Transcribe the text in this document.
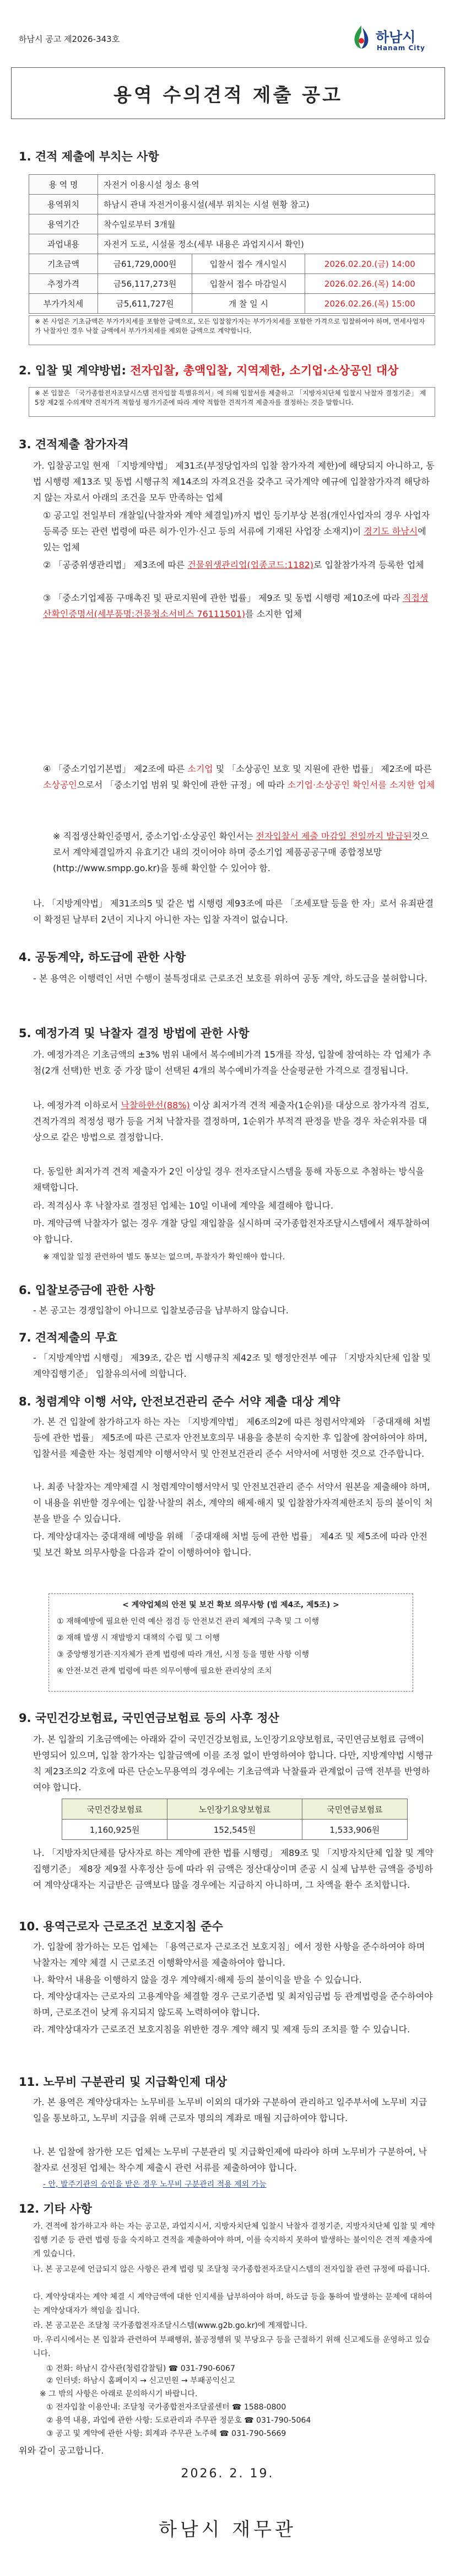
하남시 공고 제2026-343호	하남시
Hanam City
용역 수의견적 제출 공고
1. 견적 제출에 부치는 사항
용 역 명	자전거 이용시설 청소 용역		
용역위치	하남시 관내 자전거이용시설(세부 위치는 시설 현황 참고)		
용역기간	착수일로부터 3개월		
과업내용	자전거 도로, 시설물 정소(세부 내용은 과업지시서 확인)		
기초금액	금61,729,000원	입찰서 접수 개시일시	2026.02.20.(금) 14:00
추정가격	금56,117,273원	입찰서 접수 마감일시	2026.02.26.(목) 14:00
부가가치세	금5,611,727원	개 찰 일 시	2026.02.26.(목) 15:00
※ 본 사업은 기초금액은 부가가치세를 포함한 금액으로, 모든 입찰참가자는 부가가치세를 포함한 가격으로 입찰하여야 하며, 면세사업자가 낙찰자인 경우 낙찰 금액에서 부가가치세를 제외한 금액으로 계약합니다.
2. 입찰 및 계약방법: 전자입찰, 총액입찰, 지역제한, 소기업·소상공인 대상
※ 본 입찰은 「국가종합전자조달시스템 전자입찰 특별유의서」에 의해 입찰서를 제출하고 「지방자치단체 입찰시 낙찰자 결정기준」 제5장 제2절 수의계약 견적가격 적합성 평가기준에 따라 계약 적합한 견적가격 제출자를 결정하는 것을 말합니다.
3. 견적제출 참가자격
가. 입찰공고일 현재 「지방계약법」 제31조(부정당업자의 입찰 참가자격 제한)에 해당되지 아니하고, 동법 시행령 제13조 및 동법 시행규칙 제14조의 자격요건을 갖추고 국가계약 예규에 입찰참가자격 해당하지 않는 자로서 아래의 조건을 모두 만족하는 업체
① 공고일 전일부터 개찰일(낙찰자와 계약 체결일)까지 법인 등기부상 본점(개인사업자의 경우 사업자등록증 또는 관련 법령에 따른 허가·인가·신고 등의 서류에 기재된 사업장 소재지)이 경기도 하남시에 있는 업체
② 「공중위생관리법」 제3조에 따른 건물위생관리업(업종코드:1182)로 입찰참가자격 등록한 업체
③ 「중소기업제품 구매촉진 및 판로지원에 관한 법률」 제9조 및 동법 시행령 제10조에 따라 직접생산확인증명서(세부품명:건물청소서비스 76111501)를 소지한 업체
④ 「중소기업기본법」 제2조에 따른 소기업 및 「소상공인 보호 및 지원에 관한 법률」 제2조에 따른 소상공인으로서 「중소기업 범위 및 확인에 관한 규정」에 따라 소기업·소상공인 확인서를 소지한 업체
※ 직접생산확인증명서, 중소기업·소상공인 확인서는 전자입찰서 제출 마감일 전일까지 발급된것으로서 계약체결일까지 유효기간 내의 것이어야 하며 중소기업 제품공공구매 종합정보망(http://www.smpp.go.kr)을 통해 확인할 수 있어야 함.
나. 「지방계약법」 제31조의5 및 같은 법 시행령 제93조에 따른 「조세포탈 등을 한 자」로서 유죄판결이 확정된 날부터 2년이 지나지 아니한 자는 입찰 자격이 없습니다.
4. 공동계약, 하도급에 관한 사항
- 본 용역은 이행력인 서면 수행이 불특정대로 근로조건 보호를 위하여 공동 계약, 하도급을 불허합니다.
5. 예정가격 및 낙찰자 결정 방법에 관한 사항
가. 예정가격은 기초금액의 ±3% 범위 내에서 복수예비가격 15개를 작성, 입찰에 참여하는 각 업체가 추첨(2개 선택)한 번호 중 가장 많이 선택된 4개의 복수예비가격을 산술평균한 가격으로 결정됩니다.
나. 예정가격 이하로서 낙찰하한선(88%) 이상 최저가격 견적 제출자(1순위)를 대상으로 참가자격 검토, 견적가격의 적정성 평가 등을 거쳐 낙찰자를 결정하며, 1순위가 부적격 판정을 받을 경우 차순위자를 대상으로 같은 방법으로 결정합니다.
다. 동일한 최저가격 견적 제출자가 2인 이상일 경우 전자조달시스템을 통해 자동으로 추첨하는 방식을 채택합니다.
라. 적격심사 후 낙찰자로 결정된 업체는 10일 이내에 계약을 체결해야 합니다.
마. 계약금액 낙찰자가 없는 경우 개찰 당일 재입찰을 실시하며 국가종합전자조달시스템에서 재투찰하여야 합니다.
※ 재입찰 일정 관련하여 별도 통보는 없으며, 투찰자가 확인해야 합니다.
6. 입찰보증금에 관한 사항
- 본 공고는 경쟁입찰이 아니므로 입찰보증금을 납부하지 않습니다.
7. 견적제출의 무효
- 「지방계약법 시행령」 제39조, 같은 법 시행규칙 제42조 및 행정안전부 예규 「지방자치단체 입찰 및 계약집행기준」 입찰유의서에 의합니다.
8. 청렴계약 이행 서약, 안전보건관리 준수 서약 제출 대상 계약
가. 본 건 입찰에 참가하고자 하는 자는 「지방계약법」 제6조의2에 따른 청렴서약제와 「중대재해 처벌 등에 관한 법률」 제5조에 따른 근로자 안전보호의무 내용을 충분히 숙지한 후 입찰에 참여하여야 하며, 입찰서를 제출한 자는 청렴계약 이행서약서 및 안전보건관리 준수 서약서에 서명한 것으로 간주합니다.
나. 최종 낙찰자는 계약체결 시 청렴계약이행서약서 및 안전보건관리 준수 서약서 원본을 제출해야 하며, 이 내용을 위반할 경우에는 입찰·낙찰의 취소, 계약의 해제·해지 및 입찰참가자격제한조치 등의 불이익 처분을 받을 수 있습니다.
다. 계약상대자는 중대재해 예방을 위해 「중대재해 처벌 등에 관한 법률」 제4조 및 제5조에 따라 안전 및 보건 확보 의무사항을 다음과 같이 이행하여야 합니다.
9. 국민건강보험료, 국민연금보험료 등의 사후 정산
< 계약업체의 안전 및 보건 확보 의무사항 (법 제4조, 제5조) >
① 재해예방에 필요한 인력 예산 점검 등 안전보건 관리 체계의 구축 및 그 이행
② 재해 발생 시 재발방지 대책의 수립 및 그 이행
③ 중앙행정기관·지자체가 관계 법령에 따라 개선, 시정 등을 명한 사항 이행
④ 안전·보건 관계 법령에 따른 의무이행에 필요한 관리상의 조치
가. 본 입찰의 기초금액에는 아래와 같이 국민건강보험료, 노인장기요양보험료, 국민연금보험료 금액이 반영되어 있으며, 입찰 참가자는 입찰금액에 이를 조정 없이 반영하여야 합니다. 다만, 지방계약법 시행규칙 제23조의2 각호에 따른 단순노무용역의 경우에는 기초금액과 낙찰률과 관계없이 금액 전부를 반영하여야 합니다.
국민건강보험료	노인장기요양보험료	국민연금보험료
1,160,925원	152,545원	1,533,906원
나. 「지방자치단체를 당사자로 하는 계약에 관한 법률 시행령」 제89조 및 「지방자치단체 입찰 및 계약 집행기준」 제8장 제9절 사후정산 등에 따라 위 금액은 정산대상이며 준공 시 실제 납부한 금액을 증빙하여 계약상대자는 지급받은 금액보다 많을 경우에는 지급하지 아니하며, 그 차액을 환수 조치합니다.
10. 용역근로자 근로조건 보호지침 준수
가. 입찰에 참가하는 모든 업체는 「용역근로자 근로조건 보호지침」에서 정한 사항을 준수하여야 하며 낙찰자는 계약 체결 시 근로조건 이행확약서를 제출하여야 합니다.
나. 확약서 내용을 이행하지 않을 경우 계약해지·해제 등의 불이익을 받을 수 있습니다.
다. 계약상대자는 근로자의 고용계약을 체결할 경우 근로기준법 및 최저임금법 등 관계법령을 준수하여야 하며, 근로조건이 낮게 유지되지 않도록 노력하여야 합니다.
라. 계약상대자가 근로조건 보호지침을 위반한 경우 계약 해지 및 제재 등의 조치를 할 수 있습니다.
11. 노무비 구분관리 및 지급확인제 대상
가. 본 용역은 계약상대자는 노무비를 노무비 이외의 대가와 구분하여 관리하고 일주부서에 노무비 지급일을 통보하고, 노무비 지급을 위해 근로자 명의의 계좌로 매월 지급하여야 합니다.
나. 본 입찰에 참가한 모든 업체는 노무비 구분관리 및 지급확인제에 따라야 하며 노무비가 구분하여, 낙찰자로 선정된 업체는 착수계 제출시 관련 서류를 제출하여야 합니다.
- 안, 발주기관의 승인을 받은 경우 노무비 구분관리 적용 제외 가능
12. 기타 사항
가. 견적에 참가하고자 하는 자는 공고문, 과업지시서, 지방자치단체 입찰시 낙찰자 결정기준, 지방자치단체 입찰 및 계약집행 기준 등 관련 법령 등을 숙지하고 견적을 제출하여야 하며, 이를 숙지하지 못하여 발생하는 불이익은 견적 제출자에게 있습니다.
나. 본 공고문에 언급되지 않은 사항은 관계 법령 및 조달청 국가종합전자조달시스템의 전자입찰 관련 규정에 따릅니다.
다. 계약상대자는 계약 체결 시 계약금액에 대한 인지세를 납부하여야 하며, 하도급 등을 통하여 발생하는 문제에 대하여는 계약상대자가 책임을 집니다.
라. 본 공고문은 조달청 국가종합전자조달시스템(www.g2b.go.kr)에 게재합니다.
마. 우리시에서는 본 입찰과 관련하여 부패행위, 불공정행위 및 부당요구 등을 근절하기 위해 신고제도를 운영하고 있습니다.
① 전화: 하남시 감사관(청렴감찰팀) ☎ 031-790-6067
② 인터넷: 하남시 홈페이지 → 신고민원 → 부패공익신고
※ 그 밖의 사항은 아래로 문의하시기 바랍니다.
① 전자입찰 이용안내: 조달청 국가종합전자조달콜센터 ☎ 1588-0800
② 용역 내용, 과업에 관한 사항: 도로관리과 주무관 정문호 ☎ 031-790-5064
③ 공고 및 계약에 관한 사항: 회계과 주무관 노주혜 ☎ 031-790-5669
위와 같이 공고합니다.
2026. 2. 19.
하남시 재무관
